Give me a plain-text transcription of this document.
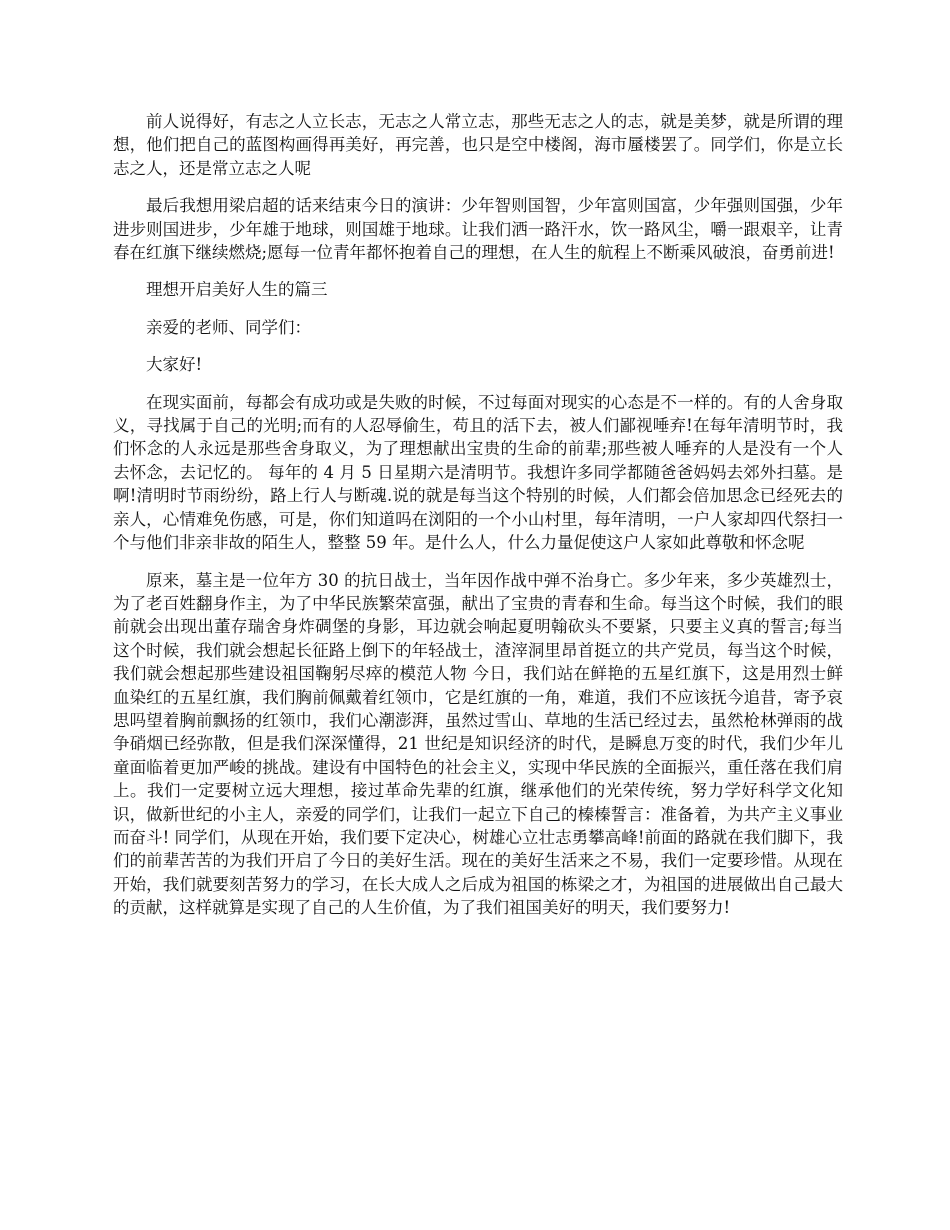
前人说得好，有志之人立长志，无志之人常立志，那些无志之人的志，就是美梦，就是所谓的理想，他们把自己的蓝图构画得再美好，再完善，也只是空中楼阁，海市蜃楼罢了。同学们，你是立长志之人，还是常立志之人呢

最后我想用梁启超的话来结束今日的演讲：少年智则国智，少年富则国富，少年强则国强，少年进步则国进步，少年雄于地球，则国雄于地球。让我们洒一路汗水，饮一路风尘，嚼一跟艰辛，让青春在红旗下继续燃烧;愿每一位青年都怀抱着自己的理想，在人生的航程上不断乘风破浪，奋勇前进!

理想开启美好人生的篇三

亲爱的老师、同学们：

大家好!

在现实面前，每都会有成功或是失败的时候，不过每面对现实的心态是不一样的。有的人舍身取义，寻找属于自己的光明;而有的人忍辱偷生，苟且的活下去，被人们鄙视唾弃!在每年清明节时，我们怀念的人永远是那些舍身取义，为了理想献出宝贵的生命的前辈;那些被人唾弃的人是没有一个人去怀念，去记忆的。 每年的 4 月 5 日星期六是清明节。我想许多同学都随爸爸妈妈去郊外扫墓。是啊!清明时节雨纷纷，路上行人与断魂.说的就是每当这个特别的时候，人们都会倍加思念已经死去的亲人，心情难免伤感，可是，你们知道吗在浏阳的一个小山村里，每年清明，一户人家却四代祭扫一个与他们非亲非故的陌生人，整整 59 年。是什么人，什么力量促使这户人家如此尊敬和怀念呢

原来，墓主是一位年方 30 的抗日战士，当年因作战中弹不治身亡。多少年来，多少英雄烈士，为了老百姓翻身作主，为了中华民族繁荣富强，献出了宝贵的青春和生命。每当这个时候，我们的眼前就会出现出董存瑞舍身炸碉堡的身影，耳边就会响起夏明翰砍头不要紧，只要主义真的誓言;每当这个时候，我们就会想起长征路上倒下的年轻战士，渣滓洞里昂首挺立的共产党员，每当这个时候，我们就会想起那些建设祖国鞠躬尽瘁的模范人物 今日，我们站在鲜艳的五星红旗下，这是用烈士鲜血染红的五星红旗，我们胸前佩戴着红领巾，它是红旗的一角，难道，我们不应该抚今追昔，寄予哀思吗望着胸前飘扬的红领巾，我们心潮澎湃，虽然过雪山、草地的生活已经过去，虽然枪林弹雨的战争硝烟已经弥散，但是我们深深懂得，21 世纪是知识经济的时代，是瞬息万变的时代，我们少年儿童面临着更加严峻的挑战。建设有中国特色的社会主义，实现中华民族的全面振兴，重任落在我们肩上。我们一定要树立远大理想，接过革命先辈的红旗，继承他们的光荣传统，努力学好科学文化知识，做新世纪的小主人，亲爱的同学们，让我们一起立下自己的榛榛誓言：准备着，为共产主义事业而奋斗! 同学们，从现在开始，我们要下定决心，树雄心立壮志勇攀高峰!前面的路就在我们脚下，我们的前辈苦苦的为我们开启了今日的美好生活。现在的美好生活来之不易，我们一定要珍惜。从现在开始，我们就要刻苦努力的学习，在长大成人之后成为祖国的栋梁之才，为祖国的进展做出自己最大的贡献，这样就算是实现了自己的人生价值，为了我们祖国美好的明天，我们要努力!
